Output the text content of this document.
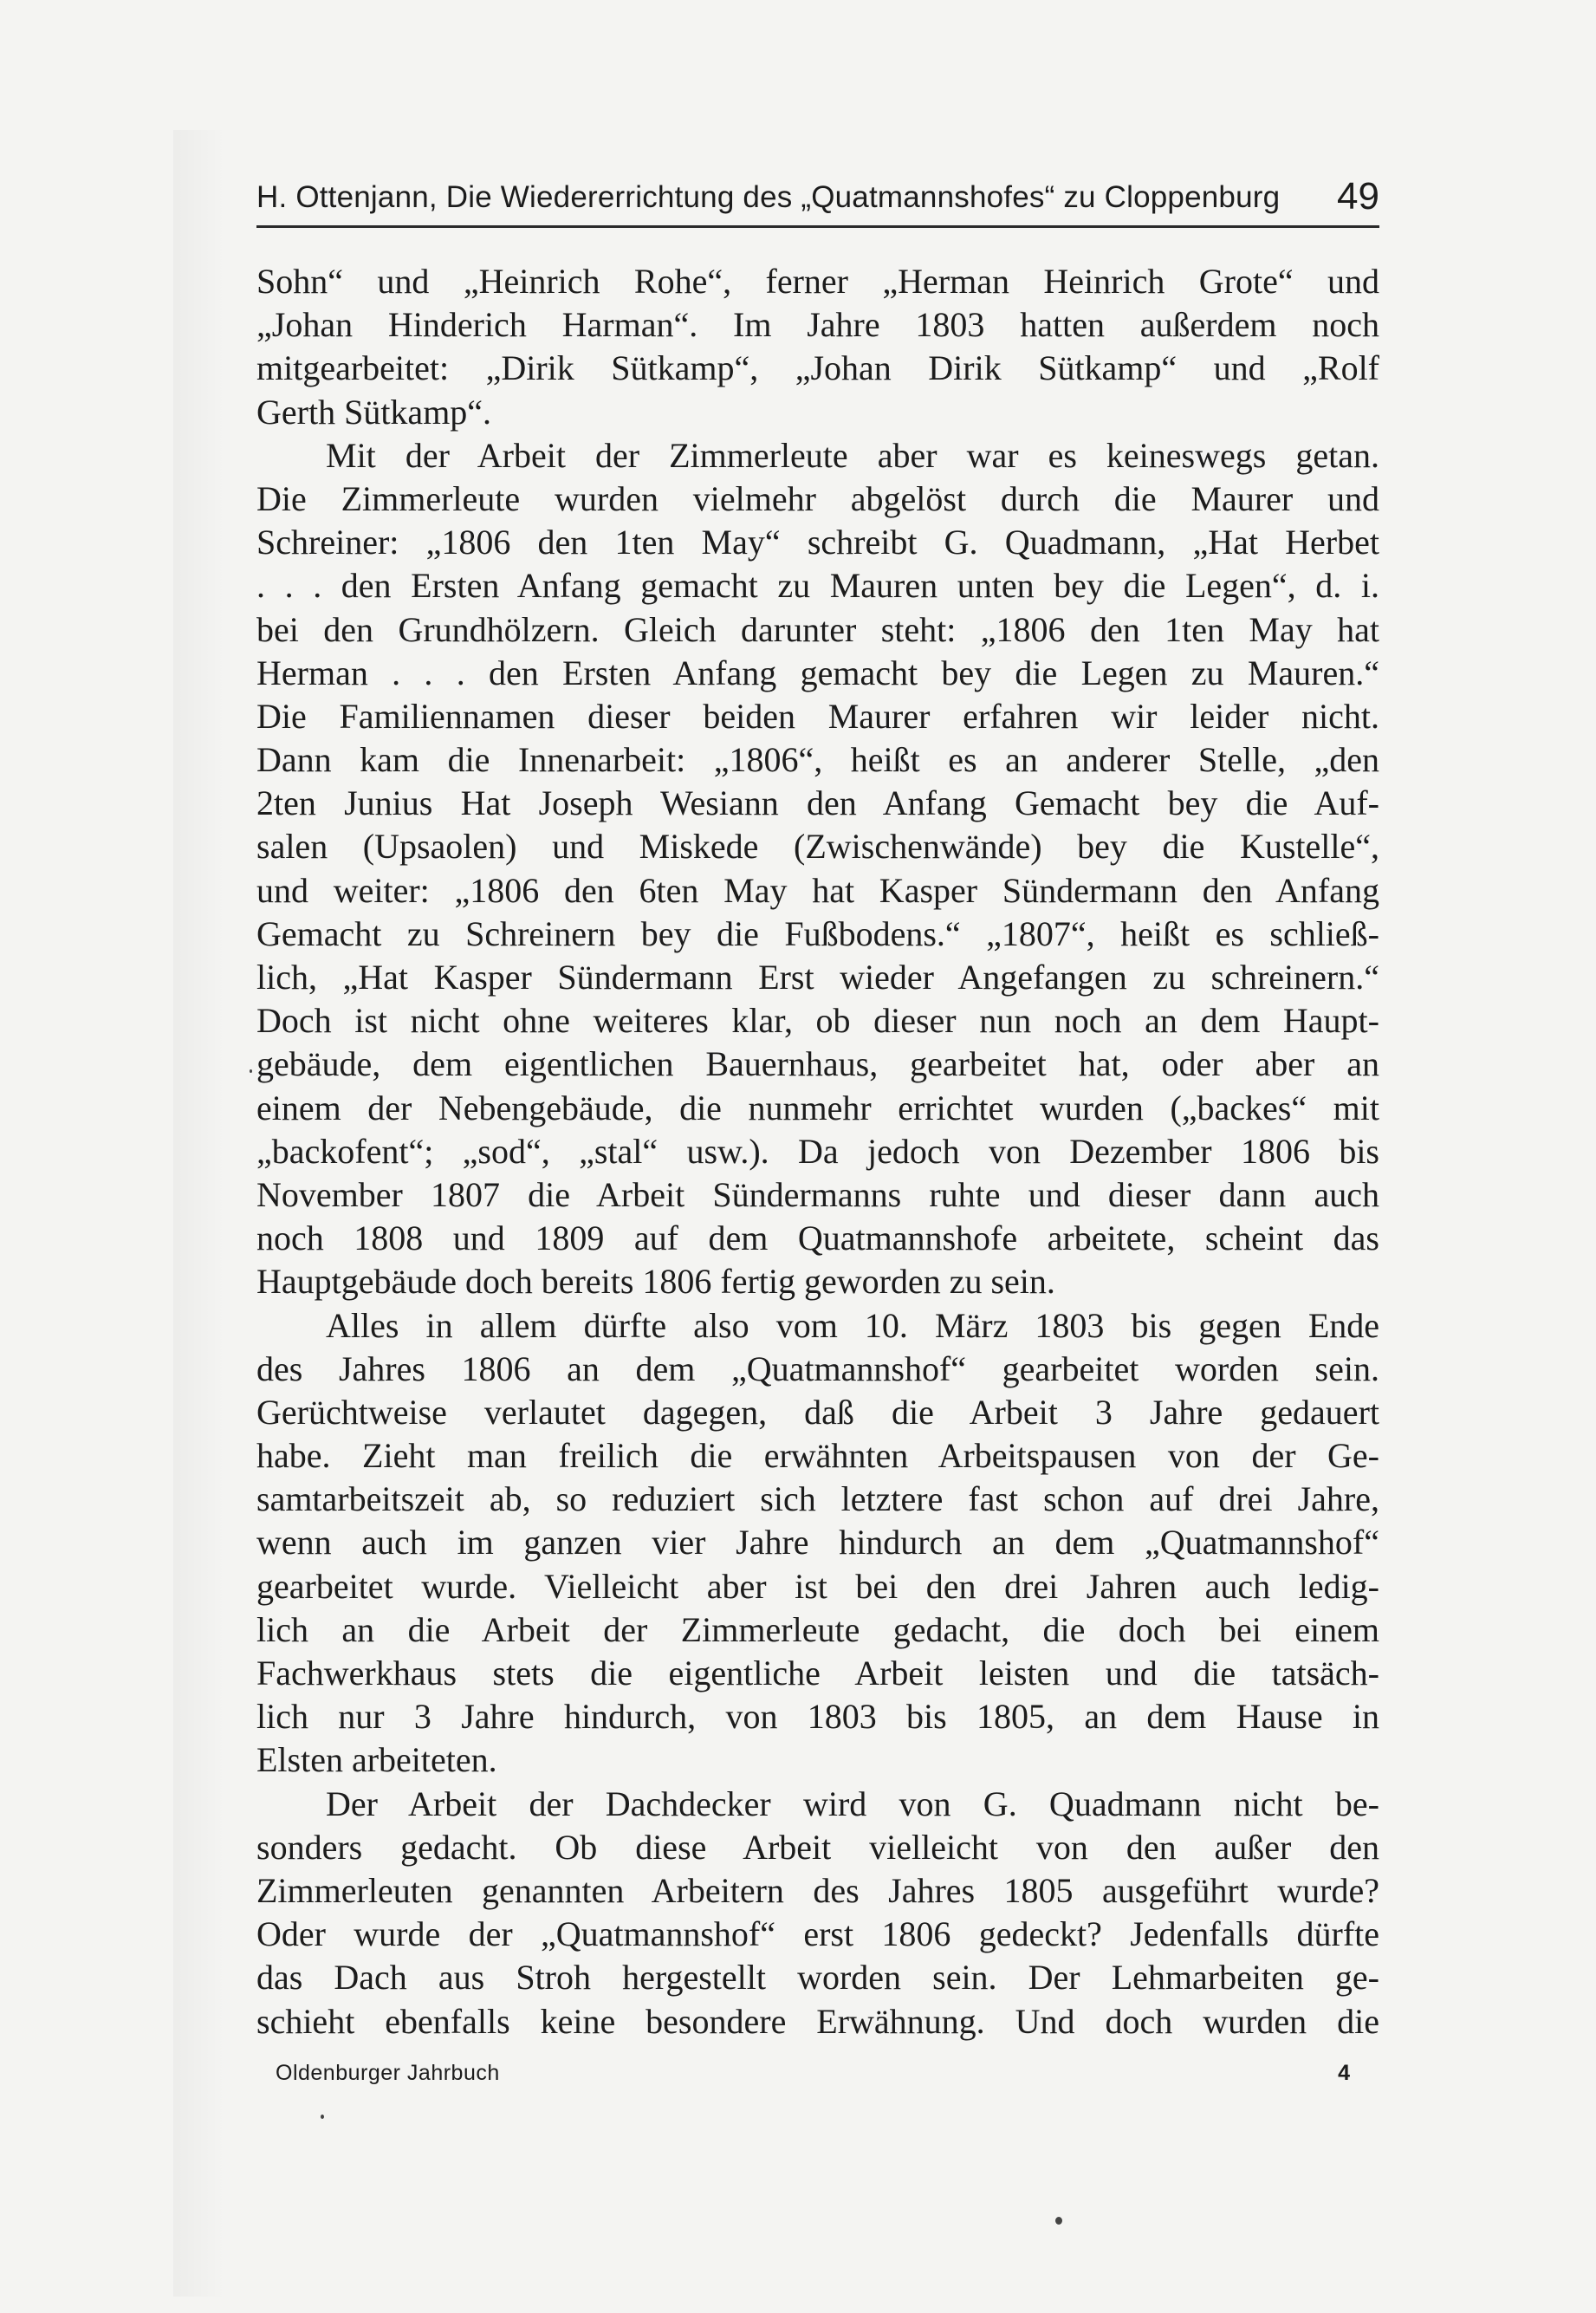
H. Ottenjann, Die Wiedererrichtung des „Quatmannshofes“ zu Cloppenburg 49
Sohn“ und „Heinrich Rohe“, ferner „Herman Heinrich Grote“ und
„Johan Hinderich Harman“. Im Jahre 1803 hatten außerdem noch
mitgearbeitet: „Dirik Sütkamp“, „Johan Dirik Sütkamp“ und „Rolf
Gerth Sütkamp“.
Mit der Arbeit der Zimmerleute aber war es keineswegs getan.
Die Zimmerleute wurden vielmehr abgelöst durch die Maurer und
Schreiner: „1806 den 1ten May“ schreibt G. Quadmann, „Hat Herbet
. . . den Ersten Anfang gemacht zu Mauren unten bey die Legen“, d. i.
bei den Grundhölzern. Gleich darunter steht: „1806 den 1ten May hat
Herman . . . den Ersten Anfang gemacht bey die Legen zu Mauren.“
Die Familiennamen dieser beiden Maurer erfahren wir leider nicht.
Dann kam die Innenarbeit: „1806“, heißt es an anderer Stelle, „den
2ten Junius Hat Joseph Wesiann den Anfang Gemacht bey die Auf-
salen (Upsaolen) und Miskede (Zwischenwände) bey die Kustelle“,
und weiter: „1806 den 6ten May hat Kasper Sündermann den Anfang
Gemacht zu Schreinern bey die Fußbodens.“ „1807“, heißt es schließ-
lich, „Hat Kasper Sündermann Erst wieder Angefangen zu schreinern.“
Doch ist nicht ohne weiteres klar, ob dieser nun noch an dem Haupt-
gebäude, dem eigentlichen Bauernhaus, gearbeitet hat, oder aber an
einem der Nebengebäude, die nunmehr errichtet wurden („backes“ mit
„backofent“; „sod“, „stal“ usw.). Da jedoch von Dezember 1806 bis
November 1807 die Arbeit Sündermanns ruhte und dieser dann auch
noch 1808 und 1809 auf dem Quatmannshofe arbeitete, scheint das
Hauptgebäude doch bereits 1806 fertig geworden zu sein.
Alles in allem dürfte also vom 10. März 1803 bis gegen Ende
des Jahres 1806 an dem „Quatmannshof“ gearbeitet worden sein.
Gerüchtweise verlautet dagegen, daß die Arbeit 3 Jahre gedauert
habe. Zieht man freilich die erwähnten Arbeitspausen von der Ge-
samtarbeitszeit ab, so reduziert sich letztere fast schon auf drei Jahre,
wenn auch im ganzen vier Jahre hindurch an dem „Quatmannshof“
gearbeitet wurde. Vielleicht aber ist bei den drei Jahren auch ledig-
lich an die Arbeit der Zimmerleute gedacht, die doch bei einem
Fachwerkhaus stets die eigentliche Arbeit leisten und die tatsäch-
lich nur 3 Jahre hindurch, von 1803 bis 1805, an dem Hause in
Elsten arbeiteten.
Der Arbeit der Dachdecker wird von G. Quadmann nicht be-
sonders gedacht. Ob diese Arbeit vielleicht von den außer den
Zimmerleuten genannten Arbeitern des Jahres 1805 ausgeführt wurde?
Oder wurde der „Quatmannshof“ erst 1806 gedeckt? Jedenfalls dürfte
das Dach aus Stroh hergestellt worden sein. Der Lehmarbeiten ge-
schieht ebenfalls keine besondere Erwähnung. Und doch wurden die
Oldenburger Jahrbuch	4
